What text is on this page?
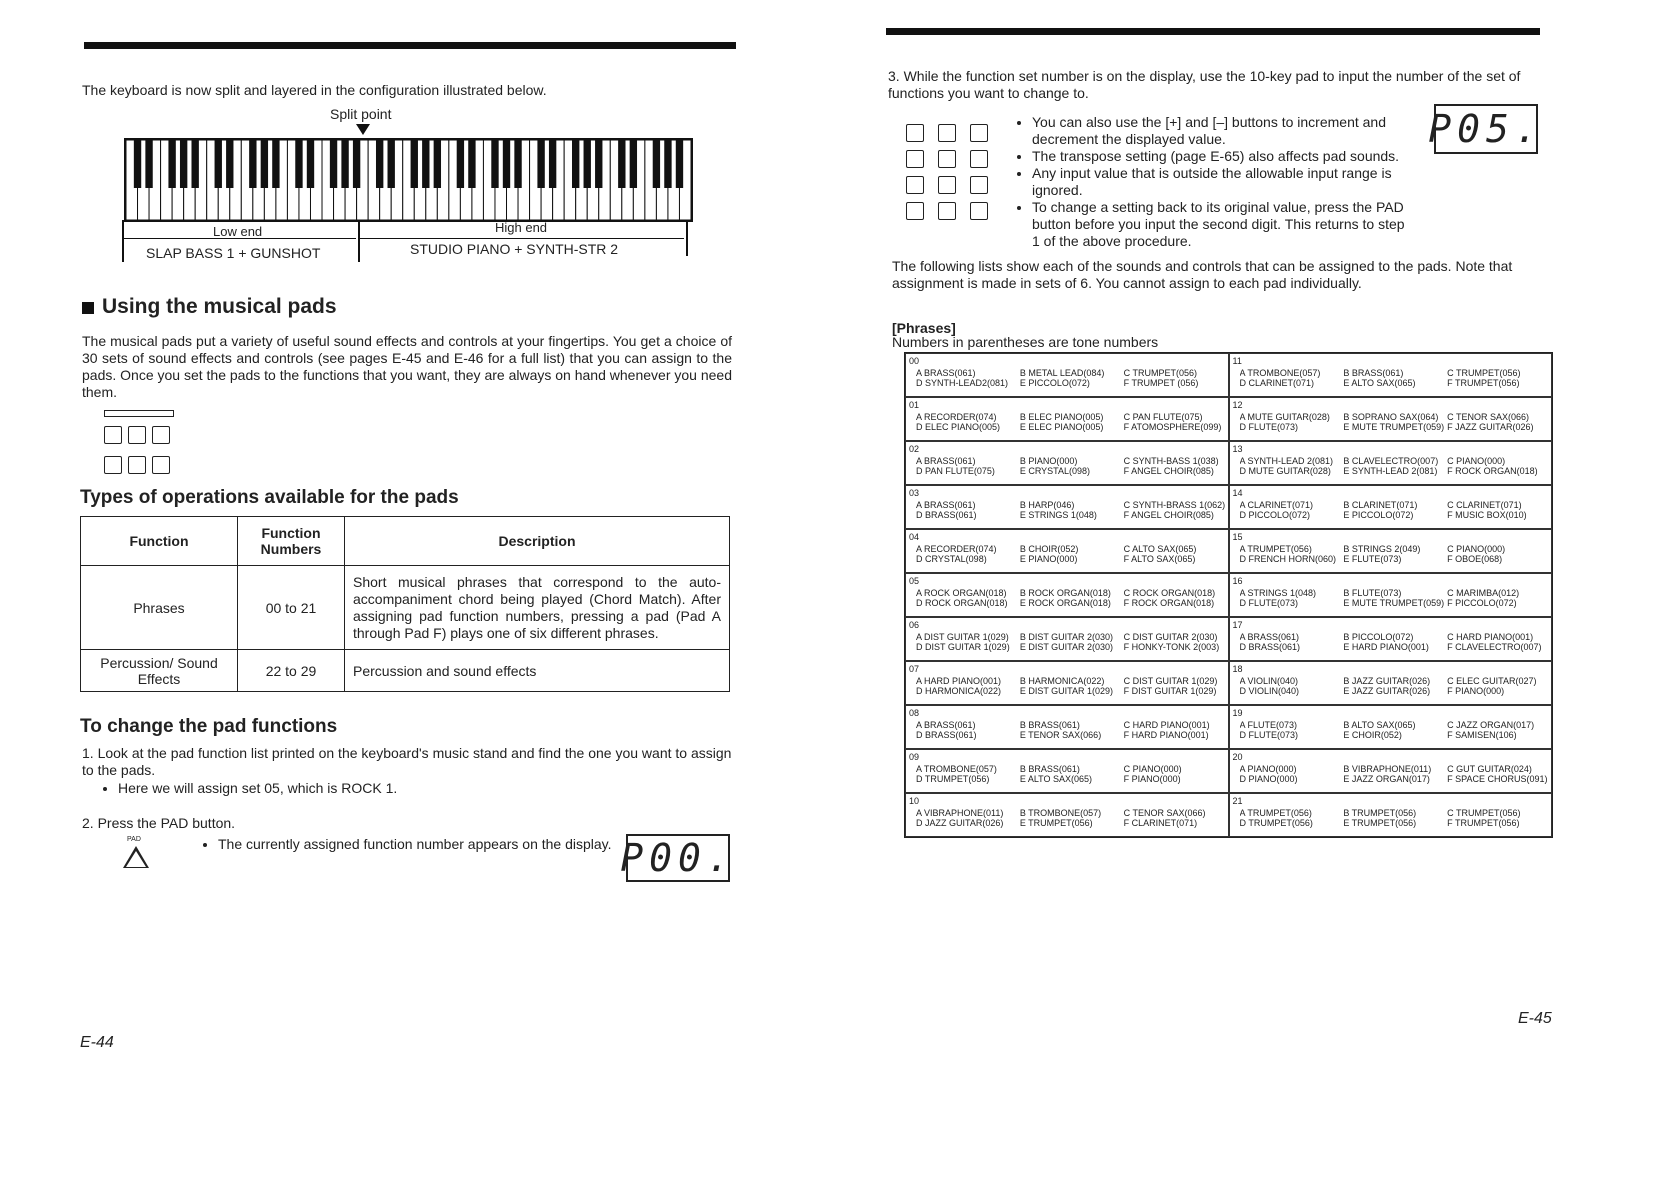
The keyboard is now split and layered in the configuration illustrated below.
Split point
Low end	High end
SLAP BASS 1 + GUNSHOT	STUDIO PIANO + SYNTH-STR 2
Using the musical pads
The musical pads put a variety of useful sound effects and controls at your fingertips. You get a choice of 30 sets of sound effects and controls (see pages E-45 and E-46 for a full list) that you can assign to the pads. Once you set the pads to the functions that you want, they are always on hand whenever you need them.
Types of operations available for the pads
Function	Function Numbers	Description
Phrases	00 to 21	Short musical phrases that correspond to the auto-accompaniment chord being played (Chord Match). After assigning pad function numbers, pressing a pad (Pad A through Pad F) plays one of six different phrases.
Percussion/ Sound Effects	22 to 29	Percussion and sound effects
To change the pad functions
1. Look at the pad function list printed on the keyboard's music stand and find the one you want to assign to the pads.
• Here we will assign set 05, which is ROCK 1.
2. Press the PAD button.
PAD	• The currently assigned function number appears on the display. P00.
E-44
3. While the function set number is on the display, use the 10-key pad to input the number of the set of functions you want to change to.
• You can also use the [+] and [–] buttons to increment and decrement the displayed value.
• The transpose setting (page E-65) also affects pad sounds.
• Any input value that is outside the allowable input range is ignored.
• To change a setting back to its original value, press the PAD button before you input the second digit. This returns to step 1 of the above procedure.
P05.
The following lists show each of the sounds and controls that can be assigned to the pads. Note that assignment is made in sets of 6. You cannot assign to each pad individually.
[Phrases]
Numbers in parentheses are tone numbers
E-45
00
A BRASS(061)	B METAL LEAD(084)	C TRUMPET(056)
D SYNTH-LEAD2(081)	E PICCOLO(072)	F TRUMPET (056)
11
A TROMBONE(057)	B BRASS(061)	C TRUMPET(056)
D CLARINET(071)	E ALTO SAX(065)	F TRUMPET(056)
01
A RECORDER(074)	B ELEC PIANO(005)	C PAN FLUTE(075)
D ELEC PIANO(005)	E ELEC PIANO(005)	F ATOMOSPHERE(099)
12
A MUTE GUITAR(028)	B SOPRANO SAX(064) C TENOR SAX(066)
D FLUTE(073)	E MUTE TRUMPET(059) F JAZZ GUITAR(026)
02
A BRASS(061)	B PIANO(000)	C SYNTH-BASS 1(038)
D PAN FLUTE(075)	E CRYSTAL(098)	F ANGEL CHOIR(085)
13
A SYNTH-LEAD 2(081)	B CLAVELECTRO(007) C PIANO(000)
D MUTE GUITAR(028)	E SYNTH-LEAD 2(081)	F ROCK ORGAN(018)
03
A BRASS(061)	B HARP(046)	C SYNTH-BRASS 1(062)
D BRASS(061)	E STRINGS 1(048)	F ANGEL CHOIR(085)
14
A CLARINET(071)	B CLARINET(071)	C CLARINET(071)
D PICCOLO(072)	E PICCOLO(072)	F MUSIC BOX(010)
04
A RECORDER(074)	B CHOIR(052)	C ALTO SAX(065)
D CRYSTAL(098)	E PIANO(000)	F ALTO SAX(065)
15
A TRUMPET(056)	B STRINGS 2(049)	C PIANO(000)
D FRENCH HORN(060) E FLUTE(073)	F OBOE(068)
05
A ROCK ORGAN(018)	B ROCK ORGAN(018)	C ROCK ORGAN(018)
D ROCK ORGAN(018)	E ROCK ORGAN(018)	F ROCK ORGAN(018)
16
A STRINGS 1(048)	B FLUTE(073)	C MARIMBA(012)
D FLUTE(073)	E MUTE TRUMPET(059) F PICCOLO(072)
06
A DIST GUITAR 1(029)	B DIST GUITAR 2(030)	C DIST GUITAR 2(030)
D DIST GUITAR 1(029)	E DIST GUITAR 2(030)	F HONKY-TONK 2(003)
17
A BRASS(061)	B PICCOLO(072)	C HARD PIANO(001)
D BRASS(061)	E HARD PIANO(001)	F CLAVELECTRO(007)
07
A HARD PIANO(001)	B HARMONICA(022)	C DIST GUITAR 1(029)
D HARMONICA(022)	E DIST GUITAR 1(029)	F DIST GUITAR 1(029)
18
A VIOLIN(040)	B JAZZ GUITAR(026)	C ELEC GUITAR(027)
D VIOLIN(040)	E JAZZ GUITAR(026)	F PIANO(000)
08
A BRASS(061)	B BRASS(061)	C HARD PIANO(001)
D BRASS(061)	E TENOR SAX(066)	F HARD PIANO(001)
19
A FLUTE(073)	B ALTO SAX(065)	C JAZZ ORGAN(017)
D FLUTE(073)	E CHOIR(052)	F SAMISEN(106)
09
A TROMBONE(057)	B BRASS(061)	C PIANO(000)
D TRUMPET(056)	E ALTO SAX(065)	F PIANO(000)
20
A PIANO(000)	B VIBRAPHONE(011)	C GUT GUITAR(024)
D PIANO(000)	E JAZZ ORGAN(017)	F SPACE CHORUS(091)
10
A VIBRAPHONE(011)	B TROMBONE(057)	C TENOR SAX(066)
D JAZZ GUITAR(026)	E TRUMPET(056)	F CLARINET(071)
21
A TRUMPET(056)	B TRUMPET(056)	C TRUMPET(056)
D TRUMPET(056)	E TRUMPET(056)	F TRUMPET(056)
